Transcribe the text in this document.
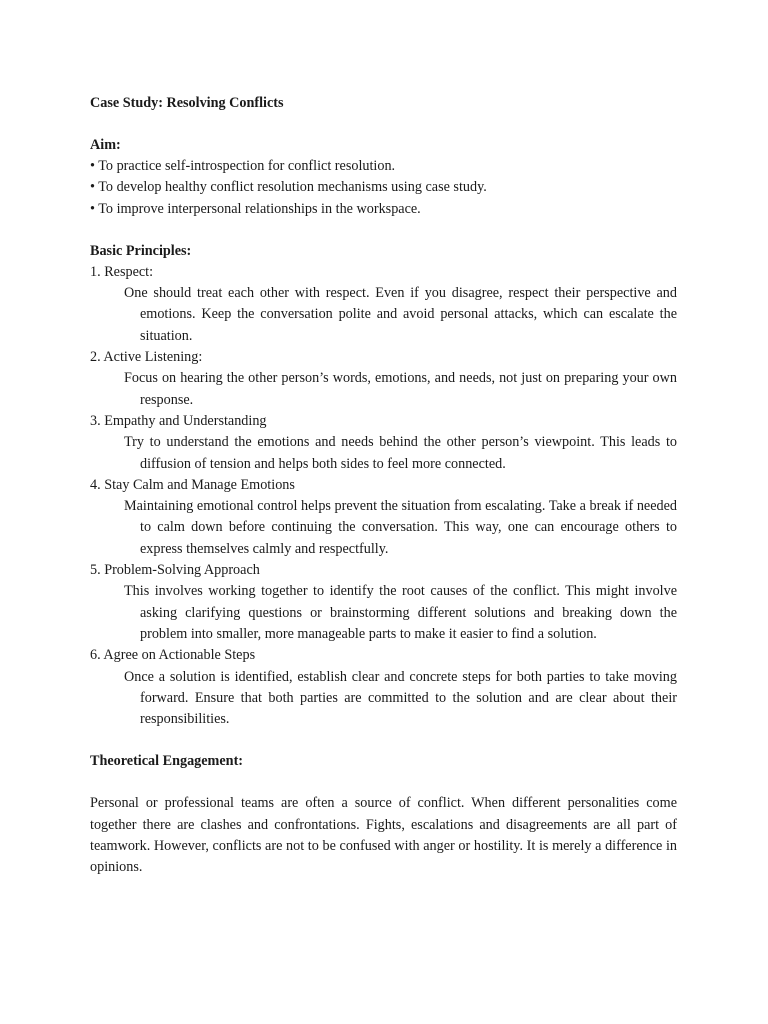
Case Study: Resolving Conflicts

Aim:

• To practice self-introspection for conflict resolution.

• To develop healthy conflict resolution mechanisms using case study.

• To improve interpersonal relationships in the workspace.

Basic Principles:

1. Respect:

One should treat each other with respect. Even if you disagree, respect their perspective and emotions. Keep the conversation polite and avoid personal attacks, which can escalate the situation.

2. Active Listening:

Focus on hearing the other person’s words, emotions, and needs, not just on preparing your own response.

3. Empathy and Understanding

Try to understand the emotions and needs behind the other person’s viewpoint. This leads to diffusion of tension and helps both sides to feel more connected.

4. Stay Calm and Manage Emotions

Maintaining emotional control helps prevent the situation from escalating. Take a break if needed to calm down before continuing the conversation. This way, one can encourage others to express themselves calmly and respectfully.

5. Problem-Solving Approach

This involves working together to identify the root causes of the conflict. This might involve asking clarifying questions or brainstorming different solutions and breaking down the problem into smaller, more manageable parts to make it easier to find a solution.

6. Agree on Actionable Steps

Once a solution is identified, establish clear and concrete steps for both parties to take moving forward. Ensure that both parties are committed to the solution and are clear about their responsibilities.

Theoretical Engagement:

Personal or professional teams are often a source of conflict. When different personalities come together there are clashes and confrontations. Fights, escalations and disagreements are all part of teamwork. However, conflicts are not to be confused with anger or hostility. It is merely a difference in opinions.
